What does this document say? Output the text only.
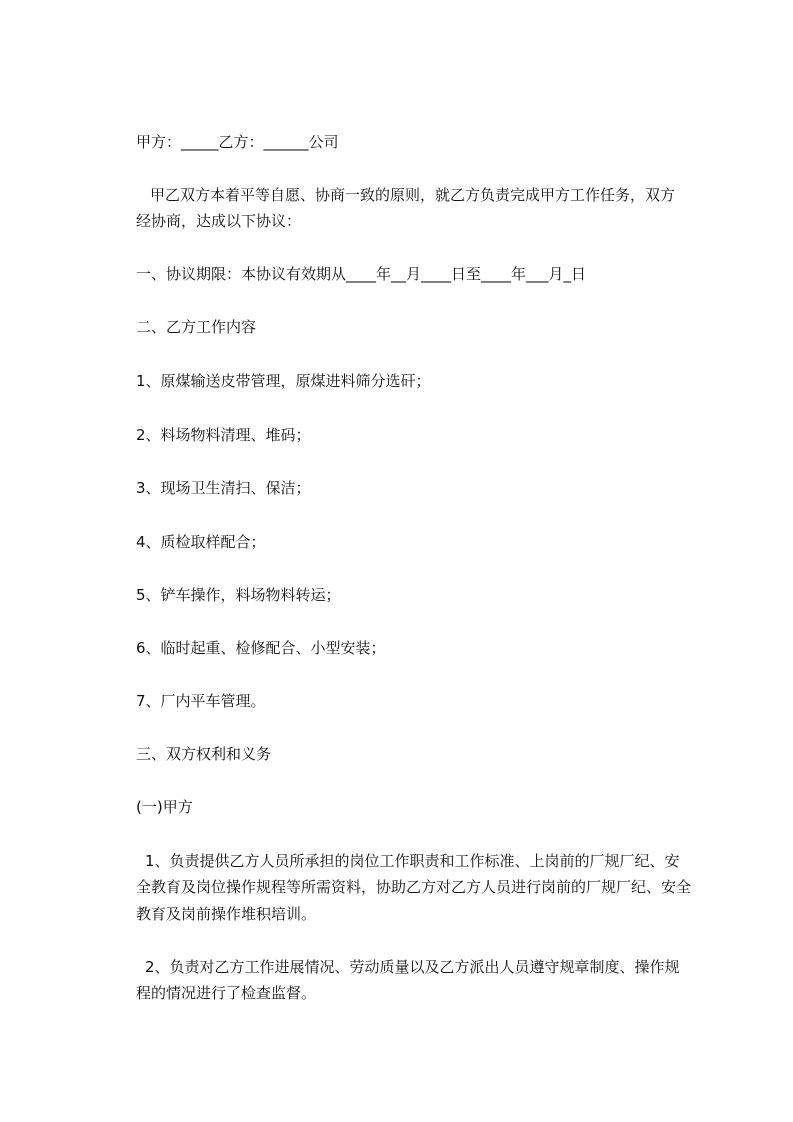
甲方：_____乙方：______公司
甲乙双方本着平等自愿、协商一致的原则，就乙方负责完成甲方工作任务，双方
经协商，达成以下协议：
一、协议期限：本协议有效期从____年__月____日至____年___月_日
二、乙方工作内容
1、原煤输送皮带管理，原煤进料筛分选矸；
2、料场物料清理、堆码；
3、现场卫生清扫、保洁；
4、质检取样配合；
5、铲车操作，料场物料转运；
6、临时起重、检修配合、小型安装；
7、厂内平车管理。
三、双方权利和义务
(一)甲方
1、负责提供乙方人员所承担的岗位工作职责和工作标准、上岗前的厂规厂纪、安
全教育及岗位操作规程等所需资料，协助乙方对乙方人员进行岗前的厂规厂纪、安全
教育及岗前操作堆积培训。
2、负责对乙方工作进展情况、劳动质量以及乙方派出人员遵守规章制度、操作规
程的情况进行了检查监督。
